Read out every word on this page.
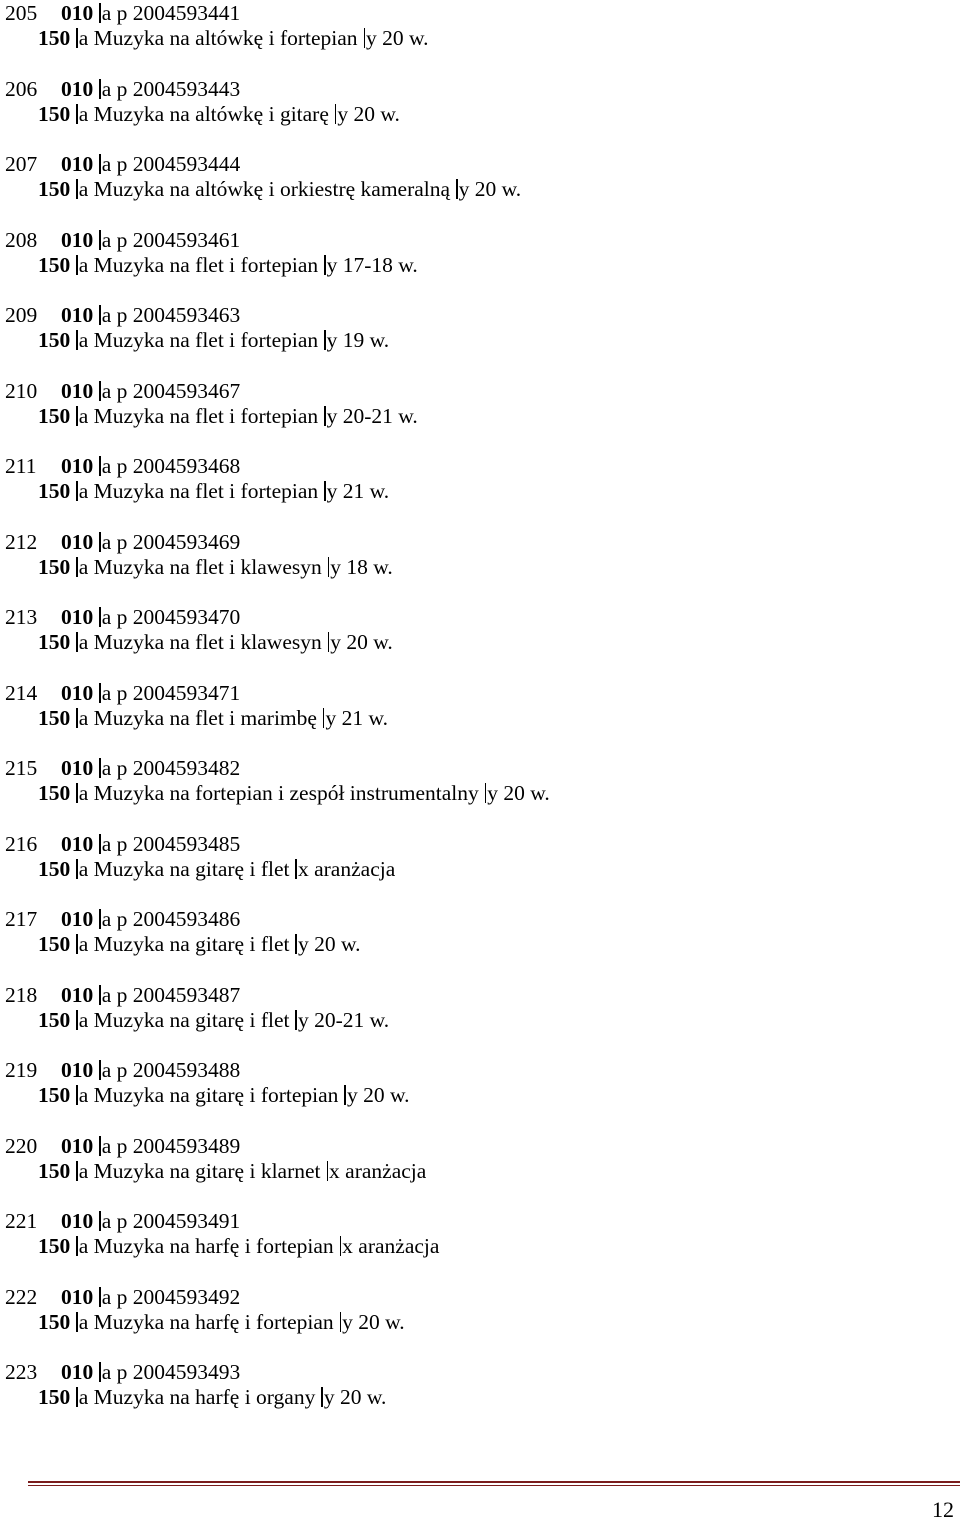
205 010 a p 2004593441
150 a Muzyka na altówkę i fortepian y 20 w.
206 010 a p 2004593443
150 a Muzyka na altówkę i gitarę y 20 w.
207 010 a p 2004593444
150 a Muzyka na altówkę i orkiestrę kameralną y 20 w.
208 010 a p 2004593461
150 a Muzyka na flet i fortepian y 17-18 w.
209 010 a p 2004593463
150 a Muzyka na flet i fortepian y 19 w.
210 010 a p 2004593467
150 a Muzyka na flet i fortepian y 20-21 w.
211 010 a p 2004593468
150 a Muzyka na flet i fortepian y 21 w.
212 010 a p 2004593469
150 a Muzyka na flet i klawesyn y 18 w.
213 010 a p 2004593470
150 a Muzyka na flet i klawesyn y 20 w.
214 010 a p 2004593471
150 a Muzyka na flet i marimbę y 21 w.
215 010 a p 2004593482
150 a Muzyka na fortepian i zespół instrumentalny y 20 w.
216 010 a p 2004593485
150 a Muzyka na gitarę i flet x aranżacja
217 010 a p 2004593486
150 a Muzyka na gitarę i flet y 20 w.
218 010 a p 2004593487
150 a Muzyka na gitarę i flet y 20-21 w.
219 010 a p 2004593488
150 a Muzyka na gitarę i fortepian y 20 w.
220 010 a p 2004593489
150 a Muzyka na gitarę i klarnet x aranżacja
221 010 a p 2004593491
150 a Muzyka na harfę i fortepian x aranżacja
222 010 a p 2004593492
150 a Muzyka na harfę i fortepian y 20 w.
223 010 a p 2004593493
150 a Muzyka na harfę i organy y 20 w.
12
